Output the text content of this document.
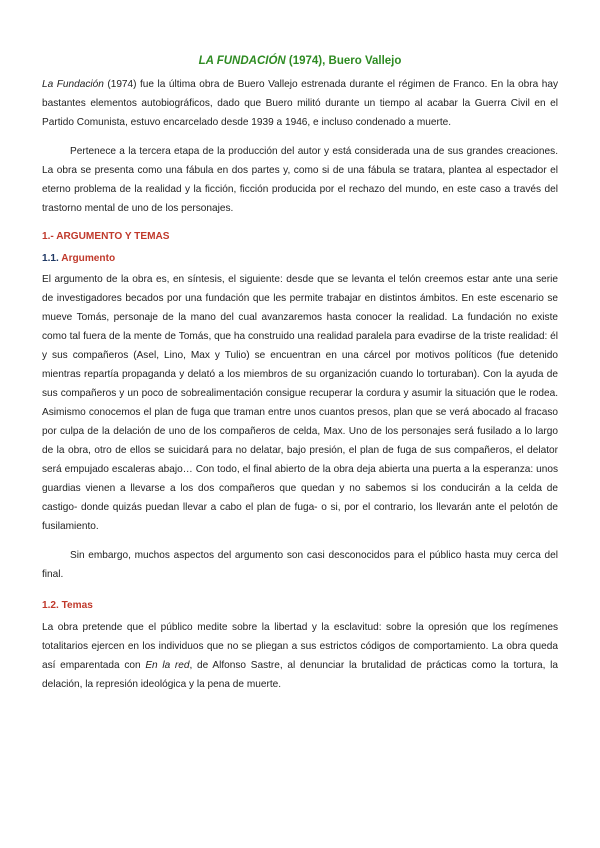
LA FUNDACIÓN (1974), Buero Vallejo

La Fundación (1974) fue la última obra de Buero Vallejo estrenada durante el régimen de Franco. En la obra hay bastantes elementos autobiográficos, dado que Buero militó durante un tiempo al acabar la Guerra Civil en el Partido Comunista, estuvo encarcelado desde 1939 a 1946, e incluso condenado a muerte.

Pertenece a la tercera etapa de la producción del autor y está considerada una de sus grandes creaciones. La obra se presenta como una fábula en dos partes y, como si de una fábula se tratara, plantea al espectador el eterno problema de la realidad y la ficción, ficción producida por el rechazo del mundo, en este caso a través del trastorno mental de uno de los personajes.

1.- ARGUMENTO Y TEMAS
1.1. Argumento

El argumento de la obra es, en síntesis, el siguiente: desde que se levanta el telón creemos estar ante una serie de investigadores becados por una fundación que les permite trabajar en distintos ámbitos. En este escenario se mueve Tomás, personaje de la mano del cual avanzaremos hasta conocer la realidad. La fundación no existe como tal fuera de la mente de Tomás, que ha construido una realidad paralela para evadirse de la triste realidad: él y sus compañeros (Asel, Lino, Max y Tulio) se encuentran en una cárcel por motivos políticos (fue detenido mientras repartía propaganda y delató a los miembros de su organización cuando lo torturaban). Con la ayuda de sus compañeros y un poco de sobrealimentación consigue recuperar la cordura y asumir la situación que le rodea. Asimismo conocemos el plan de fuga que traman entre unos cuantos presos, plan que se verá abocado al fracaso por culpa de la delación de uno de los compañeros de celda, Max. Uno de los personajes será fusilado a lo largo de la obra, otro de ellos se suicidará para no delatar, bajo presión, el plan de fuga de sus compañeros, el delator será empujado escaleras abajo… Con todo, el final abierto de la obra deja abierta una puerta a la esperanza: unos guardias vienen a llevarse a los dos compañeros que quedan y no sabemos si los conducirán a la celda de castigo- donde quizás puedan llevar a cabo el plan de fuga- o si, por el contrario, los llevarán ante el pelotón de fusilamiento.

Sin embargo, muchos aspectos del argumento son casi desconocidos para el público hasta muy cerca del final.

1.2. Temas

La obra pretende que el público medite sobre la libertad y la esclavitud: sobre la opresión que los regímenes totalitarios ejercen en los individuos que no se pliegan a sus estrictos códigos de comportamiento. La obra queda así emparentada con En la red, de Alfonso Sastre, al denunciar la brutalidad de prácticas como la tortura, la delación, la represión ideológica y la pena de muerte.
